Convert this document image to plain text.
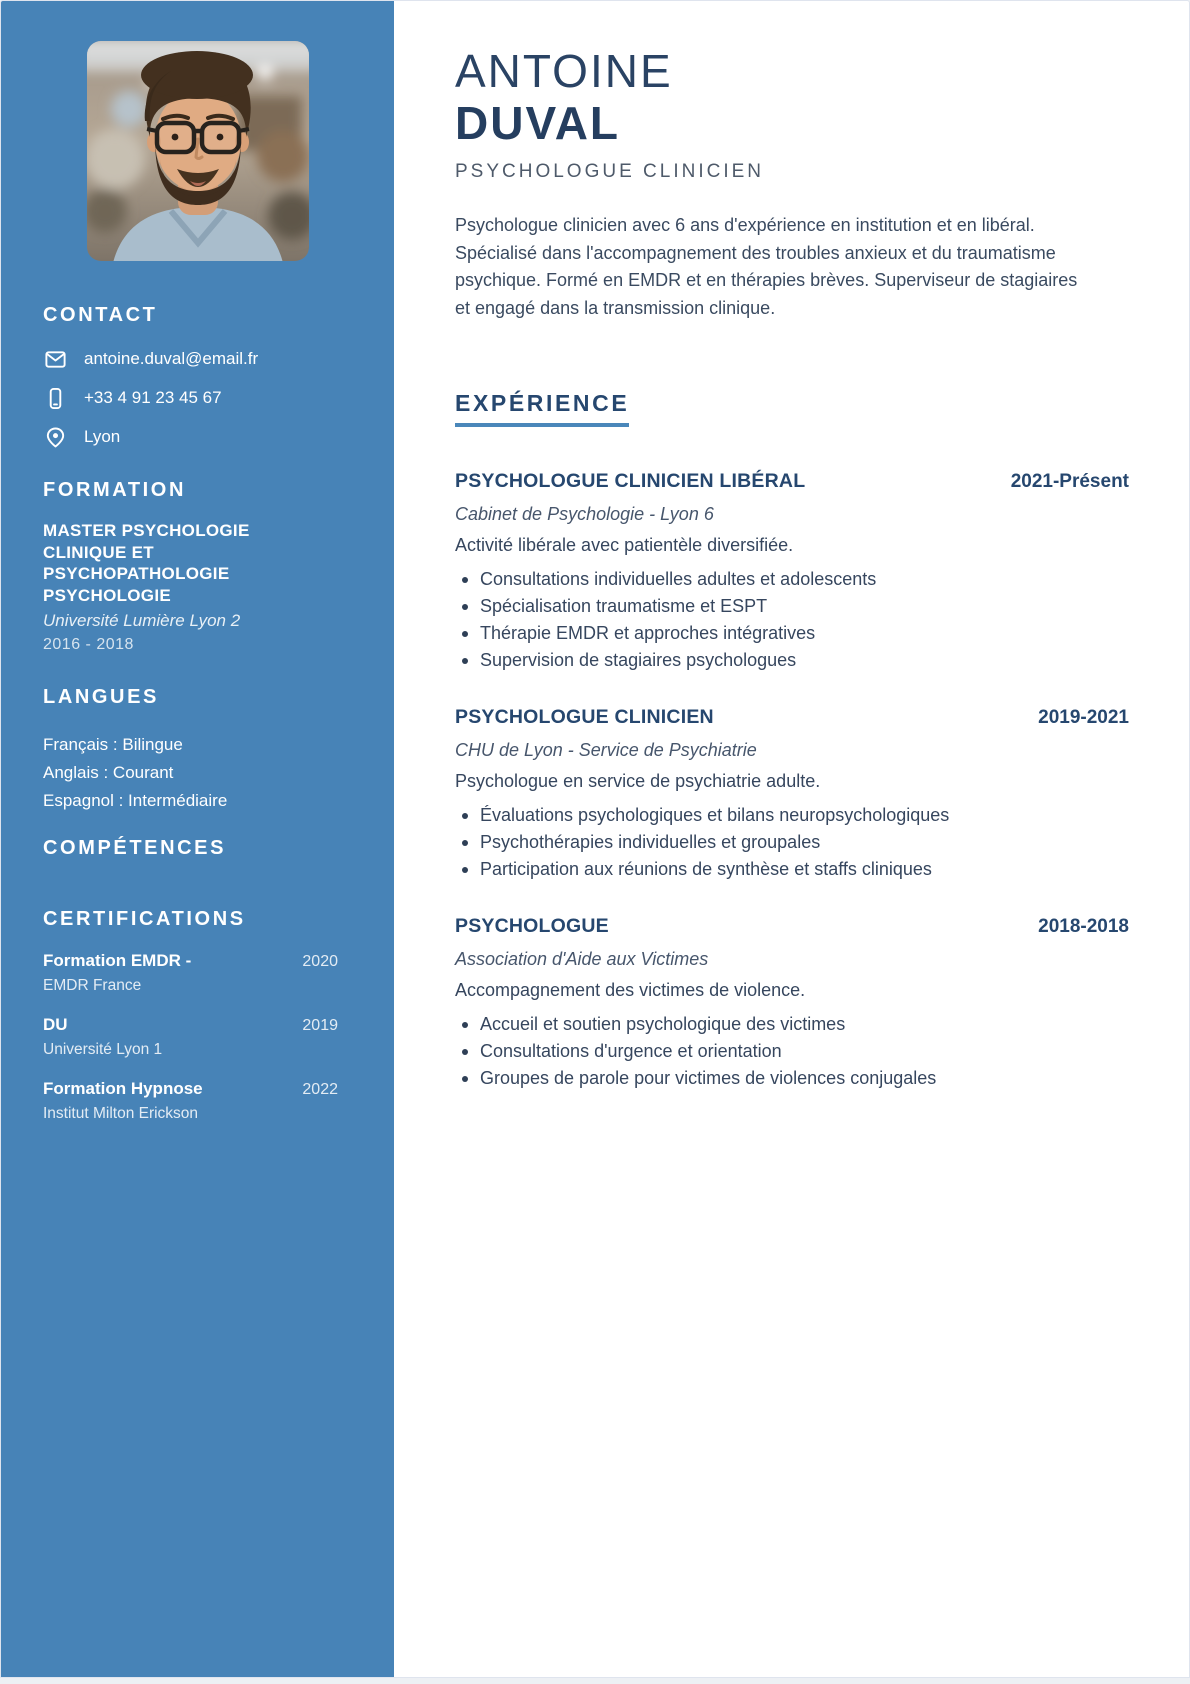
CONTACT
antoine.duval@email.fr
+33 4 91 23 45 67
Lyon
FORMATION
MASTER PSYCHOLOGIE CLINIQUE ET PSYCHOPATHOLOGIE PSYCHOLOGIE
Université Lumière Lyon 2
2016 - 2018
LANGUES
Français : Bilingue
Anglais : Courant
Espagnol : Intermédiaire
COMPÉTENCES
CERTIFICATIONS
Formation EMDR -	2020
EMDR France
DU	2019
Université Lyon 1
Formation Hypnose	2022
Institut Milton Erickson
ANTOINE
DUVAL
PSYCHOLOGUE CLINICIEN

Psychologue clinicien avec 6 ans d'expérience en institution et en libéral. Spécialisé dans l'accompagnement des troubles anxieux et du traumatisme psychique. Formé en EMDR et en thérapies brèves. Superviseur de stagiaires et engagé dans la transmission clinique.

EXPÉRIENCE
PSYCHOLOGUE CLINICIEN LIBÉRAL	2021-Présent
Cabinet de Psychologie - Lyon 6
Activité libérale avec patientèle diversifiée.
Consultations individuelles adultes et adolescents
Spécialisation traumatisme et ESPT
Thérapie EMDR et approches intégratives
Supervision de stagiaires psychologues
PSYCHOLOGUE CLINICIEN	2019-2021
CHU de Lyon - Service de Psychiatrie
Psychologue en service de psychiatrie adulte.
Évaluations psychologiques et bilans neuropsychologiques
Psychothérapies individuelles et groupales
Participation aux réunions de synthèse et staffs cliniques
PSYCHOLOGUE	2018-2018
Association d'Aide aux Victimes
Accompagnement des victimes de violence.
Accueil et soutien psychologique des victimes
Consultations d'urgence et orientation
Groupes de parole pour victimes de violences conjugales
